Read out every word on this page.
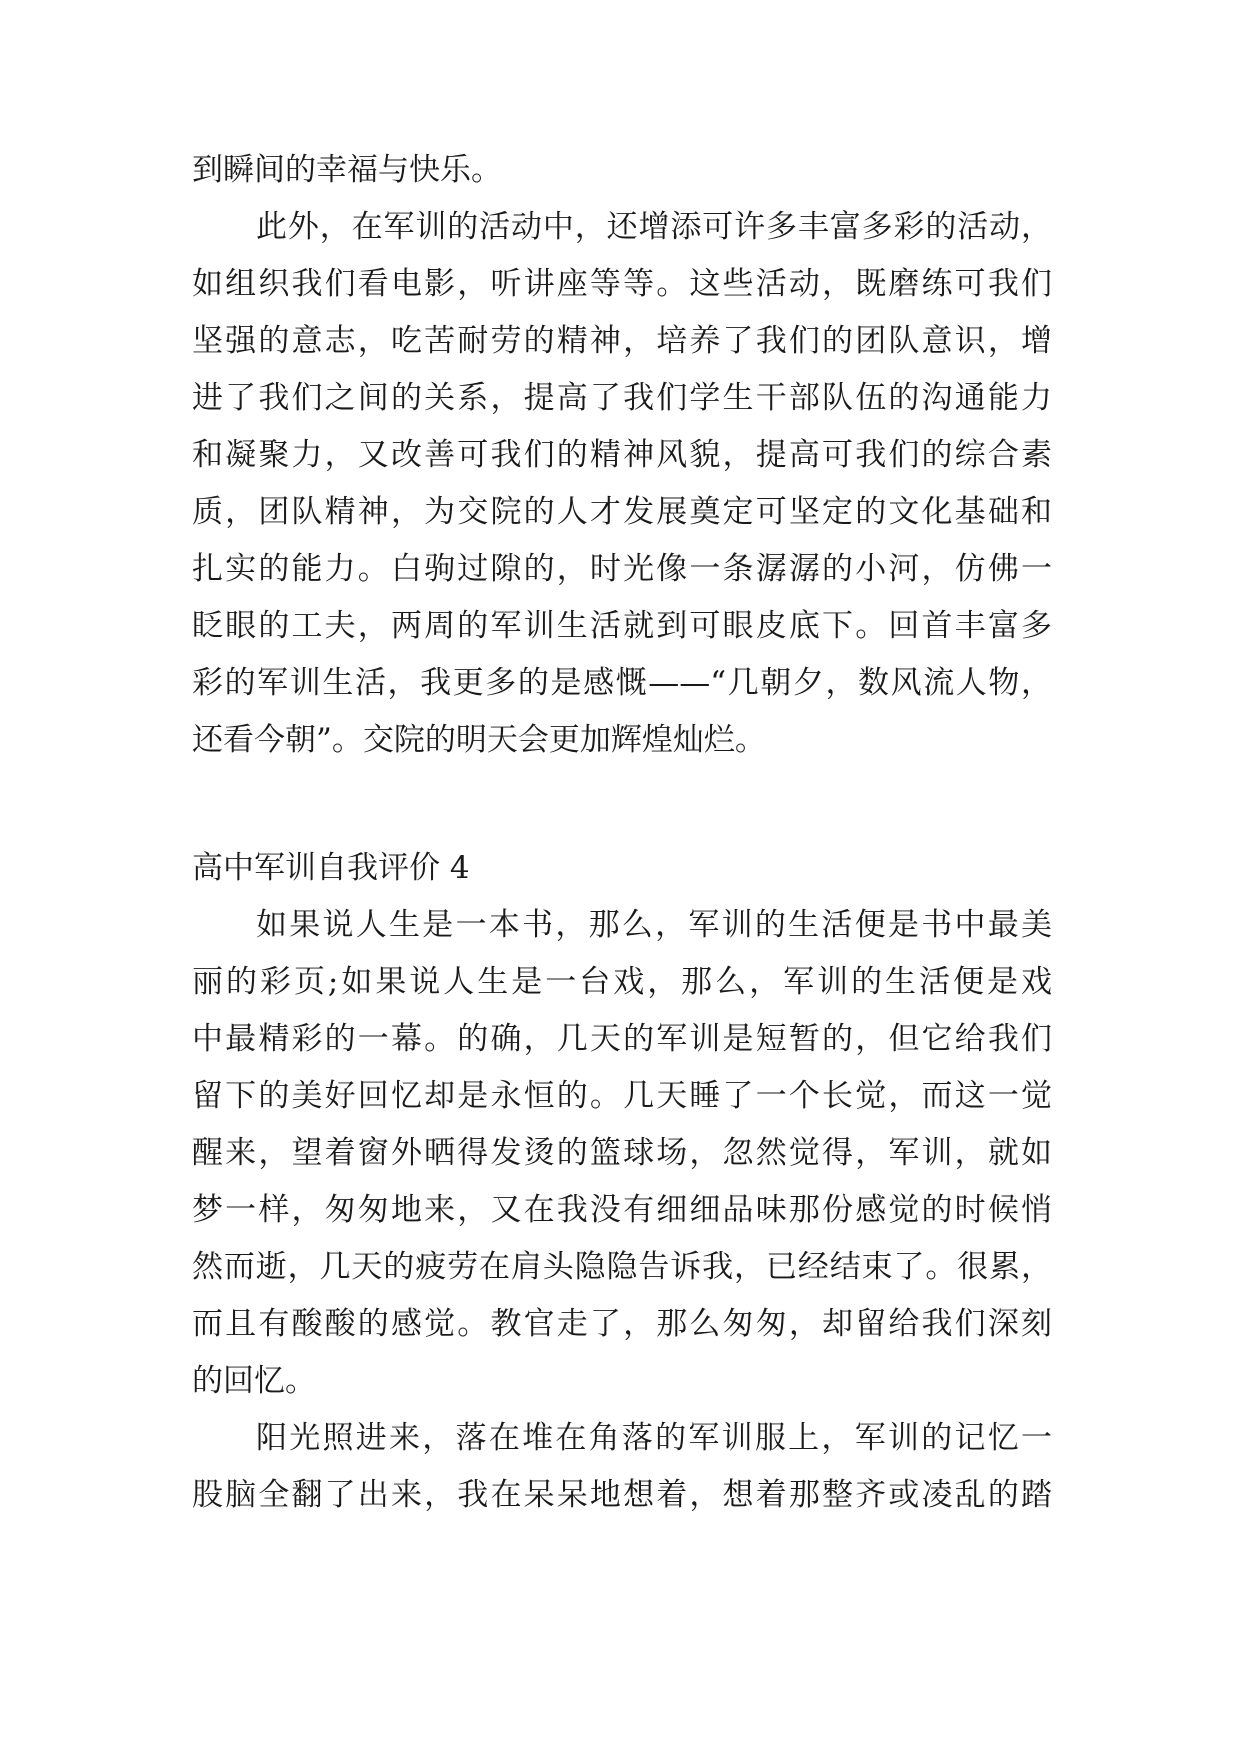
到瞬间的幸福与快乐。
此外，在军训的活动中，还增添可许多丰富多彩的活动，
如组织我们看电影，听讲座等等。这些活动，既磨练可我们
坚强的意志，吃苦耐劳的精神，培养了我们的团队意识，增
进了我们之间的关系，提高了我们学生干部队伍的沟通能力
和凝聚力，又改善可我们的精神风貌，提高可我们的综合素
质，团队精神，为交院的人才发展奠定可坚定的文化基础和
扎实的能力。白驹过隙的，时光像一条潺潺的小河，仿佛一
眨眼的工夫，两周的军训生活就到可眼皮底下。回首丰富多
彩的军训生活，我更多的是感慨——“几朝夕，数风流人物，
还看今朝”。交院的明天会更加辉煌灿烂。
高中军训自我评价 4
如果说人生是一本书，那么，军训的生活便是书中最美
丽的彩页;如果说人生是一台戏，那么，军训的生活便是戏
中最精彩的一幕。的确，几天的军训是短暂的，但它给我们
留下的美好回忆却是永恒的。几天睡了一个长觉，而这一觉
醒来，望着窗外晒得发烫的篮球场，忽然觉得，军训，就如
梦一样，匆匆地来，又在我没有细细品味那份感觉的时候悄
然而逝，几天的疲劳在肩头隐隐告诉我，已经结束了。很累，
而且有酸酸的感觉。教官走了，那么匆匆，却留给我们深刻
的回忆。
阳光照进来，落在堆在角落的军训服上，军训的记忆一
股脑全翻了出来，我在呆呆地想着，想着那整齐或凌乱的踏
